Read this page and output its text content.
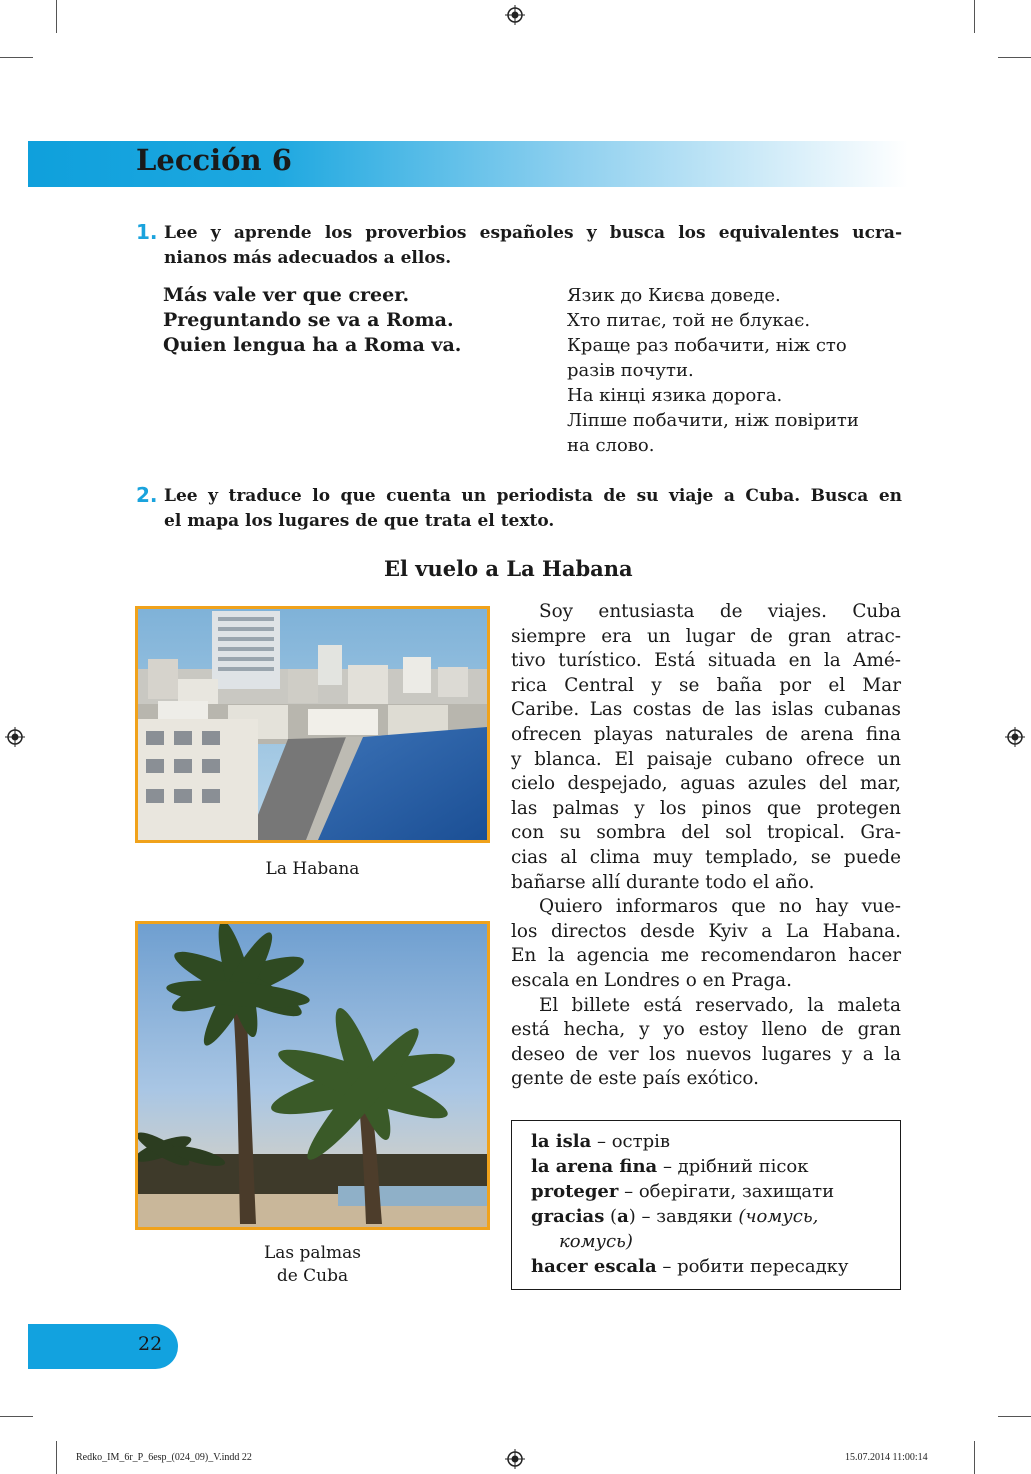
Lección 6
1. Lee y aprende los proverbios españoles y busca los equivalentes ucra-
nianos más adecuados a ellos.
Más vale ver que creer.
Preguntando se va a Roma.
Quien lengua ha a Roma va.
Язик до Києва доведе.
Хто питає, той не блукає.
Краще раз побачити, ніж сто
разів почути.
На кінці язика дорога.
Ліпше побачити, ніж повірити
на слово.
2. Lee y traduce lo que cuenta un periodista de su viaje a Cuba. Busca en
el mapa los lugares de que trata el texto.
El vuelo a La Habana
La Habana
Las palmas
de Cuba
Soy entusiasta de viajes. Cuba
siempre era un lugar de gran atrac-
tivo turístico. Está situada en la Amé-
rica Central y se baña por el Mar
Caribe. Las costas de las islas cubanas
ofrecen playas naturales de arena fina
y blanca. El paisaje cubano ofrece un
cielo despejado, aguas azules del mar,
las palmas y los pinos que protegen
con su sombra del sol tropical. Gra-
cias al clima muy templado, se puede
bañarse allí durante todo el año.
Quiero informaros que no hay vue-
los directos desde Kyiv a La Habana.
En la agencia me recomendaron hacer
escala en Londres o en Praga.
El billete está reservado, la maleta
está hecha, y yo estoy lleno de gran
deseo de ver los nuevos lugares y a la
gente de este país exótico.
la isla – острів
la arena fina – дрібний пісок
proteger – оберігати, захищати
gracias (a) – завдяки (чомусь,
комусь)
hacer escala – робити пересадку
22
Redko_IM_6r_P_6esp_(024_09)_V.indd 22	15.07.2014 11:00:14
